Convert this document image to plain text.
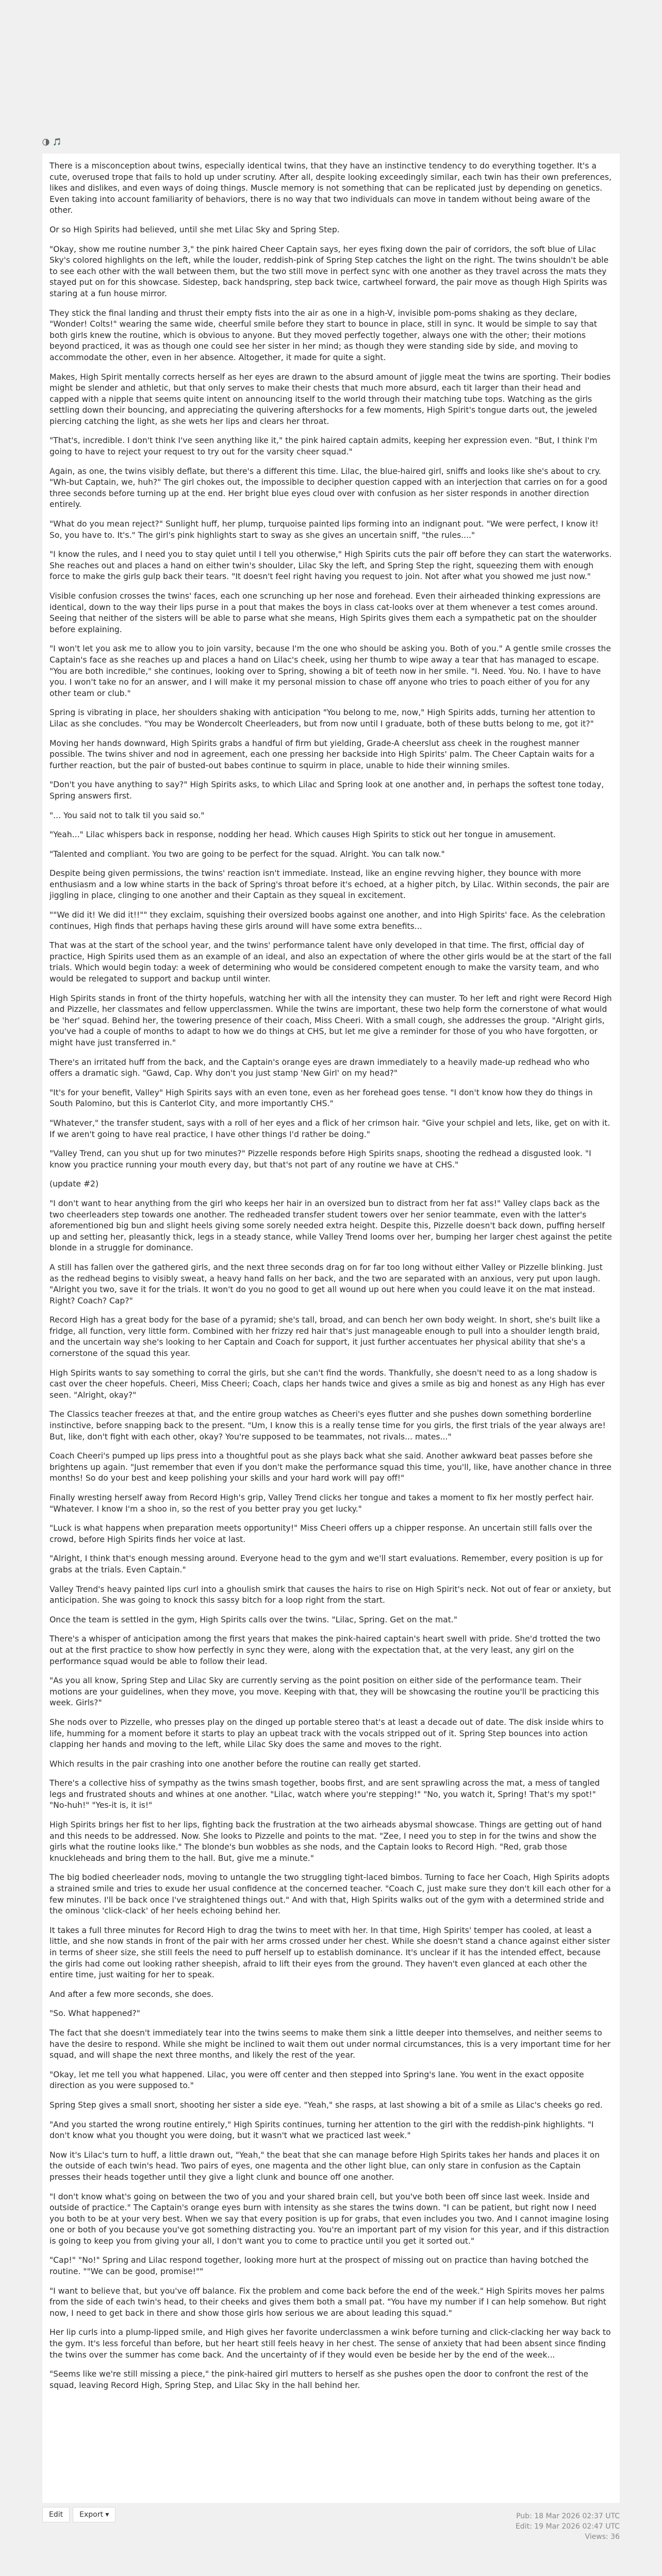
🎵

There is a misconception about twins, especially identical twins, that they have an instinctive tendency to do everything together. It's a cute, overused trope that fails to hold up under scrutiny. After all, despite looking exceedingly similar, each twin has their own preferences, likes and dislikes, and even ways of doing things. Muscle memory is not something that can be replicated just by depending on genetics. Even taking into account familiarity of behaviors, there is no way that two individuals can move in tandem without being aware of the other.

Or so High Spirits had believed, until she met Lilac Sky and Spring Step.

"Okay, show me routine number 3," the pink haired Cheer Captain says, her eyes fixing down the pair of corridors, the soft blue of Lilac Sky's colored highlights on the left, while the louder, reddish-pink of Spring Step catches the light on the right. The twins shouldn't be able to see each other with the wall between them, but the two still move in perfect sync with one another as they travel across the mats they stayed put on for this showcase. Sidestep, back handspring, step back twice, cartwheel forward, the pair move as though High Spirits was staring at a fun house mirror.

They stick the final landing and thrust their empty fists into the air as one in a high-V, invisible pom-poms shaking as they declare, "Wonder! Colts!" wearing the same wide, cheerful smile before they start to bounce in place, still in sync. It would be simple to say that both girls knew the routine, which is obvious to anyone. But they moved perfectly together, always one with the other; their motions beyond practiced, it was as though one could see her sister in her mind; as though they were standing side by side, and moving to accommodate the other, even in her absence. Altogether, it made for quite a sight.

Makes, High Spirit mentally corrects herself as her eyes are drawn to the absurd amount of jiggle meat the twins are sporting. Their bodies might be slender and athletic, but that only serves to make their chests that much more absurd, each tit larger than their head and capped with a nipple that seems quite intent on announcing itself to the world through their matching tube tops. Watching as the girls settling down their bouncing, and appreciating the quivering aftershocks for a few moments, High Spirit's tongue darts out, the jeweled piercing catching the light, as she wets her lips and clears her throat.

"That's, incredible. I don't think I've seen anything like it," the pink haired captain admits, keeping her expression even. "But, I think I'm going to have to reject your request to try out for the varsity cheer squad."

Again, as one, the twins visibly deflate, but there's a different this time. Lilac, the blue-haired girl, sniffs and looks like she's about to cry. "Wh-but Captain, we, huh?" The girl chokes out, the impossible to decipher question capped with an interjection that carries on for a good three seconds before turning up at the end. Her bright blue eyes cloud over with confusion as her sister responds in another direction entirely.

"What do you mean reject?" Sunlight huff, her plump, turquoise painted lips forming into an indignant pout. "We were perfect, I know it! So, you have to. It's." The girl's pink highlights start to sway as she gives an uncertain sniff, "the rules...."

"I know the rules, and I need you to stay quiet until I tell you otherwise," High Spirits cuts the pair off before they can start the waterworks. She reaches out and places a hand on either twin's shoulder, Lilac Sky the left, and Spring Step the right, squeezing them with enough force to make the girls gulp back their tears. "It doesn't feel right having you request to join. Not after what you showed me just now."

Visible confusion crosses the twins' faces, each one scrunching up her nose and forehead. Even their airheaded thinking expressions are identical, down to the way their lips purse in a pout that makes the boys in class cat-looks over at them whenever a test comes around. Seeing that neither of the sisters will be able to parse what she means, High Spirits gives them each a sympathetic pat on the shoulder before explaining.

"I won't let you ask me to allow you to join varsity, because I'm the one who should be asking you. Both of you." A gentle smile crosses the Captain's face as she reaches up and places a hand on Lilac's cheek, using her thumb to wipe away a tear that has managed to escape. "You are both incredible," she continues, looking over to Spring, showing a bit of teeth now in her smile. "I. Need. You. No. I have to have you. I won't take no for an answer, and I will make it my personal mission to chase off anyone who tries to poach either of you for any other team or club."

Spring is vibrating in place, her shoulders shaking with anticipation "You belong to me, now," High Spirits adds, turning her attention to Lilac as she concludes. "You may be Wondercolt Cheerleaders, but from now until I graduate, both of these butts belong to me, got it?"

Moving her hands downward, High Spirits grabs a handful of firm but yielding, Grade-A cheerslut ass cheek in the roughest manner possible. The twins shiver and nod in agreement, each one pressing her backside into High Spirits' palm. The Cheer Captain waits for a further reaction, but the pair of busted-out babes continue to squirm in place, unable to hide their winning smiles.

"Don't you have anything to say?" High Spirits asks, to which Lilac and Spring look at one another and, in perhaps the softest tone today, Spring answers first.

"... You said not to talk til you said so."

"Yeah..." Lilac whispers back in response, nodding her head. Which causes High Spirits to stick out her tongue in amusement.

"Talented and compliant. You two are going to be perfect for the squad. Alright. You can talk now."

Despite being given permissions, the twins' reaction isn't immediate. Instead, like an engine revving higher, they bounce with more enthusiasm and a low whine starts in the back of Spring's throat before it's echoed, at a higher pitch, by Lilac. Within seconds, the pair are jiggling in place, clinging to one another and their Captain as they squeal in excitement.

""We did it! We did it!!"" they exclaim, squishing their oversized boobs against one another, and into High Spirits' face. As the celebration continues, High finds that perhaps having these girls around will have some extra benefits...

That was at the start of the school year, and the twins' performance talent have only developed in that time. The first, official day of practice, High Spirits used them as an example of an ideal, and also an expectation of where the other girls would be at the start of the fall trials. Which would begin today: a week of determining who would be considered competent enough to make the varsity team, and who would be relegated to support and backup until winter.

High Spirits stands in front of the thirty hopefuls, watching her with all the intensity they can muster. To her left and right were Record High and Pizzelle, her classmates and fellow upperclassmen. While the twins are important, these two help form the cornerstone of what would be 'her' squad. Behind her, the towering presence of their coach, Miss Cheeri. With a small cough, she addresses the group. "Alright girls, you've had a couple of months to adapt to how we do things at CHS, but let me give a reminder for those of you who have forgotten, or might have just transferred in."

There's an irritated huff from the back, and the Captain's orange eyes are drawn immediately to a heavily made-up redhead who who offers a dramatic sigh. "Gawd, Cap. Why don't you just stamp 'New Girl' on my head?"

"It's for your benefit, Valley" High Spirits says with an even tone, even as her forehead goes tense. "I don't know how they do things in South Palomino, but this is Canterlot City, and more importantly CHS."

"Whatever," the transfer student, says with a roll of her eyes and a flick of her crimson hair. "Give your schpiel and lets, like, get on with it. If we aren't going to have real practice, I have other things I'd rather be doing."

"Valley Trend, can you shut up for two minutes?" Pizzelle responds before High Spirits snaps, shooting the redhead a disgusted look. "I know you practice running your mouth every day, but that's not part of any routine we have at CHS."

(update #2)

"I don't want to hear anything from the girl who keeps her hair in an oversized bun to distract from her fat ass!" Valley claps back as the two cheerleaders step towards one another. The redheaded transfer student towers over her senior teammate, even with the latter's aforementioned big bun and slight heels giving some sorely needed extra height. Despite this, Pizzelle doesn't back down, puffing herself up and setting her, pleasantly thick, legs in a steady stance, while Valley Trend looms over her, bumping her larger chest against the petite blonde in a struggle for dominance.

A still has fallen over the gathered girls, and the next three seconds drag on for far too long without either Valley or Pizzelle blinking. Just as the redhead begins to visibly sweat, a heavy hand falls on her back, and the two are separated with an anxious, very put upon laugh. "Alright you two, save it for the trials. It won't do you no good to get all wound up out here when you could leave it on the mat instead. Right? Coach? Cap?"

Record High has a great body for the base of a pyramid; she's tall, broad, and can bench her own body weight. In short, she's built like a fridge, all function, very little form. Combined with her frizzy red hair that's just manageable enough to pull into a shoulder length braid, and the uncertain way she's looking to her Captain and Coach for support, it just further accentuates her physical ability that she's a cornerstone of the squad this year.

High Spirits wants to say something to corral the girls, but she can't find the words. Thankfully, she doesn't need to as a long shadow is cast over the cheer hopefuls. Cheeri, Miss Cheeri; Coach, claps her hands twice and gives a smile as big and honest as any High has ever seen. "Alright, okay?"

The Classics teacher freezes at that, and the entire group watches as Cheeri's eyes flutter and she pushes down something borderline instinctive, before snapping back to the present. "Um, I know this is a really tense time for you girls, the first trials of the year always are! But, like, don't fight with each other, okay? You're supposed to be teammates, not rivals... mates..."

Coach Cheeri's pumped up lips press into a thoughtful pout as she plays back what she said. Another awkward beat passes before she brightens up again. "Just remember that even if you don't make the performance squad this time, you'll, like, have another chance in three months! So do your best and keep polishing your skills and your hard work will pay off!"

Finally wresting herself away from Record High's grip, Valley Trend clicks her tongue and takes a moment to fix her mostly perfect hair. "Whatever. I know I'm a shoo in, so the rest of you better pray you get lucky."

"Luck is what happens when preparation meets opportunity!" Miss Cheeri offers up a chipper response. An uncertain still falls over the crowd, before High Spirits finds her voice at last.

"Alright, I think that's enough messing around. Everyone head to the gym and we'll start evaluations. Remember, every position is up for grabs at the trials. Even Captain."

Valley Trend's heavy painted lips curl into a ghoulish smirk that causes the hairs to rise on High Spirit's neck. Not out of fear or anxiety, but anticipation. She was going to knock this sassy bitch for a loop right from the start.

Once the team is settled in the gym, High Spirits calls over the twins. "Lilac, Spring. Get on the mat."

There's a whisper of anticipation among the first years that makes the pink-haired captain's heart swell with pride. She'd trotted the two out at the first practice to show how perfectly in sync they were, along with the expectation that, at the very least, any girl on the performance squad would be able to follow their lead.

"As you all know, Spring Step and Lilac Sky are currently serving as the point position on either side of the performance team. Their motions are your guidelines, when they move, you move. Keeping with that, they will be showcasing the routine you'll be practicing this week. Girls?"

She nods over to Pizzelle, who presses play on the dinged up portable stereo that's at least a decade out of date. The disk inside whirs to life, humming for a moment before it starts to play an upbeat track with the vocals stripped out of it. Spring Step bounces into action clapping her hands and moving to the left, while Lilac Sky does the same and moves to the right.

Which results in the pair crashing into one another before the routine can really get started.

There's a collective hiss of sympathy as the twins smash together, boobs first, and are sent sprawling across the mat, a mess of tangled legs and frustrated shouts and whines at one another. "Lilac, watch where you're stepping!" "No, you watch it, Spring! That's my spot!" "No-huh!" "Yes-it is, it is!"

High Spirits brings her fist to her lips, fighting back the frustration at the two airheads abysmal showcase. Things are getting out of hand and this needs to be addressed. Now. She looks to Pizzelle and points to the mat. "Zee, I need you to step in for the twins and show the girls what the routine looks like." The blonde's bun wobbles as she nods, and the Captain looks to Record High. "Red, grab those knuckleheads and bring them to the hall. But, give me a minute."

The big bodied cheerleader nods, moving to untangle the two struggling tight-laced bimbos. Turning to face her Coach, High Spirits adopts a strained smile and tries to exude her usual confidence at the concerned teacher. "Coach C, just make sure they don't kill each other for a few minutes. I'll be back once I've straightened things out." And with that, High Spirits walks out of the gym with a determined stride and the ominous 'click-clack' of her heels echoing behind her.

It takes a full three minutes for Record High to drag the twins to meet with her. In that time, High Spirits' temper has cooled, at least a little, and she now stands in front of the pair with her arms crossed under her chest. While she doesn't stand a chance against either sister in terms of sheer size, she still feels the need to puff herself up to establish dominance. It's unclear if it has the intended effect, because the girls had come out looking rather sheepish, afraid to lift their eyes from the ground. They haven't even glanced at each other the entire time, just waiting for her to speak.

And after a few more seconds, she does.

"So. What happened?"

The fact that she doesn't immediately tear into the twins seems to make them sink a little deeper into themselves, and neither seems to have the desire to respond. While she might be inclined to wait them out under normal circumstances, this is a very important time for her squad, and will shape the next three months, and likely the rest of the year.

"Okay, let me tell you what happened. Lilac, you were off center and then stepped into Spring's lane. You went in the exact opposite direction as you were supposed to."

Spring Step gives a small snort, shooting her sister a side eye. "Yeah," she rasps, at last showing a bit of a smile as Lilac's cheeks go red.

"And you started the wrong routine entirely," High Spirits continues, turning her attention to the girl with the reddish-pink highlights. "I don't know what you thought you were doing, but it wasn't what we practiced last week."

Now it's Lilac's turn to huff, a little drawn out, "Yeah," the beat that she can manage before High Spirits takes her hands and places it on the outside of each twin's head. Two pairs of eyes, one magenta and the other light blue, can only stare in confusion as the Captain presses their heads together until they give a light clunk and bounce off one another.

"I don't know what's going on between the two of you and your shared brain cell, but you've both been off since last week. Inside and outside of practice." The Captain's orange eyes burn with intensity as she stares the twins down. "I can be patient, but right now I need you both to be at your very best. When we say that every position is up for grabs, that even includes you two. And I cannot imagine losing one or both of you because you've got something distracting you. You're an important part of my vision for this year, and if this distraction is going to keep you from giving your all, I don't want you to come to practice until you get it sorted out."

"Cap!" "No!" Spring and Lilac respond together, looking more hurt at the prospect of missing out on practice than having botched the routine. ""We can be good, promise!""

"I want to believe that, but you've off balance. Fix the problem and come back before the end of the week." High Spirits moves her palms from the side of each twin's head, to their cheeks and gives them both a small pat. "You have my number if I can help somehow. But right now, I need to get back in there and show those girls how serious we are about leading this squad."

Her lip curls into a plump-lipped smile, and High gives her favorite underclassmen a wink before turning and click-clacking her way back to the gym. It's less forceful than before, but her heart still feels heavy in her chest. The sense of anxiety that had been absent since finding the twins over the summer has come back. And the uncertainty of if they would even be beside her by the end of the week...

"Seems like we're still missing a piece," the pink-haired girl mutters to herself as she pushes open the door to confront the rest of the squad, leaving Record High, Spring Step, and Lilac Sky in the hall behind her.

Edit	Export ▾	Pub: 18 Mar 2026 02:37 UTC
Edit: 19 Mar 2026 02:47 UTC
Views: 36
